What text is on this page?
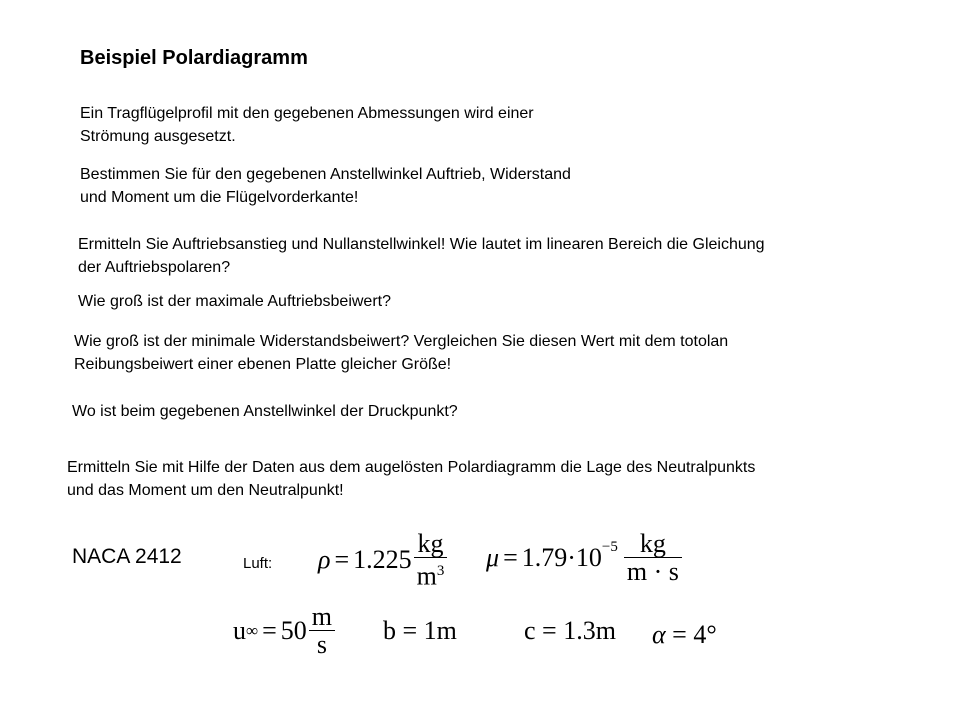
Beispiel Polardiagramm
Ein Tragflügelprofil mit den gegebenen Abmessungen wird einer
Strömung ausgesetzt.
Bestimmen Sie für den gegebenen Anstellwinkel Auftrieb, Widerstand
und Moment um die Flügelvorderkante!
Ermitteln Sie Auftriebsanstieg und Nullanstellwinkel! Wie lautet im linearen Bereich die Gleichung
der Auftriebspolaren?
Wie groß ist der maximale Auftriebsbeiwert?
Wie groß ist der minimale Widerstandsbeiwert? Vergleichen Sie diesen Wert mit dem totolan
Reibungsbeiwert einer ebenen Platte gleicher Größe!
Wo ist beim gegebenen Anstellwinkel der Druckpunkt?
Ermitteln Sie mit Hilfe der Daten aus dem augelösten Polardiagramm die Lage des Neutralpunkts
und das Moment um den Neutralpunkt!
NACA 2412	Luft: $\rho = 1.225 \frac{kg}{m^3}$ $\mu = 1.79\cdot 10^{-5} \frac{kg}{m \cdot s}$
u ∞ = $50 \frac{m}{s}$ b = 1m	c = 1.3m α = 4°
